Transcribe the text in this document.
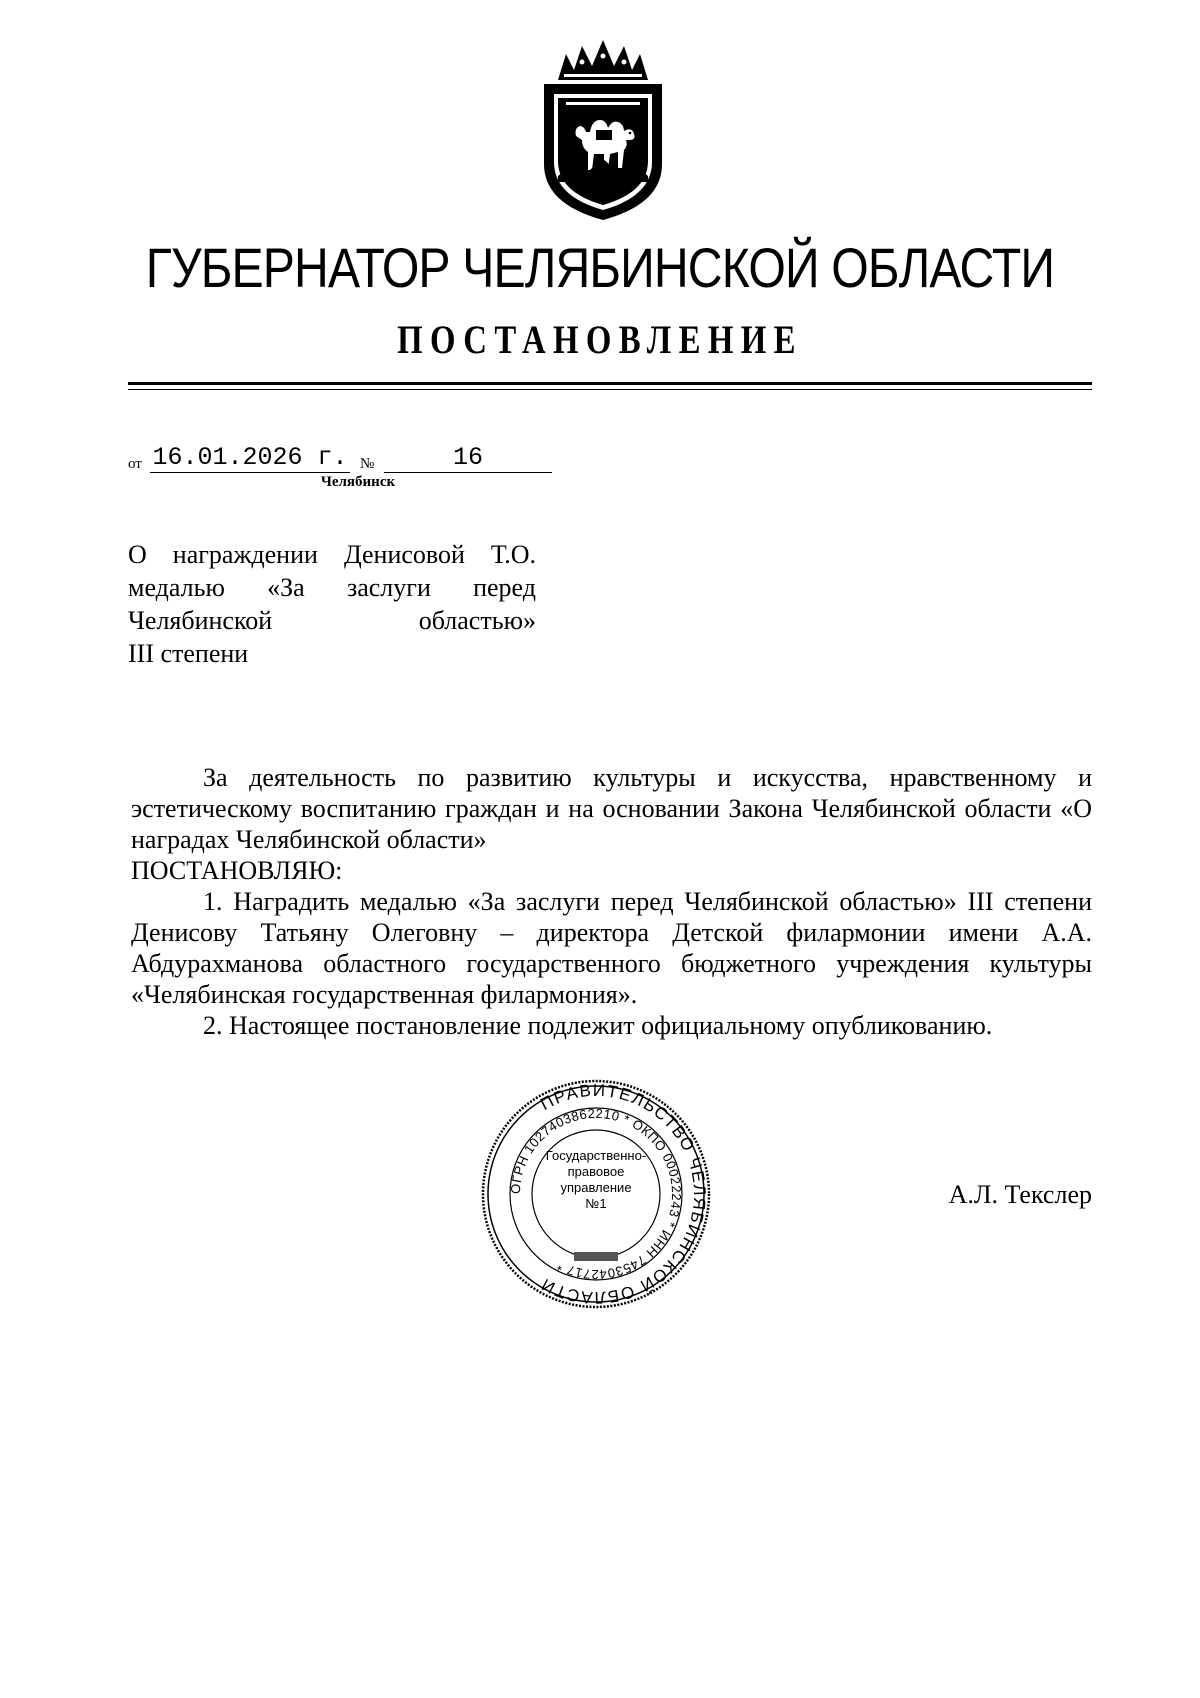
ГУБЕРНАТОР ЧЕЛЯБИНСКОЙ ОБЛАСТИ
ПОСТАНОВЛЕНИЕ
от 16.01.2026 г. №	16
Челябинск
О награждении Денисовой Т.О.
медалью «За заслуги перед
Челябинской областью»
III степени

За деятельность по развитию культуры и искусства, нравственному и эстетическому воспитанию граждан и на основании Закона Челябинской области «О наградах Челябинской области»

ПОСТАНОВЛЯЮ:

1. Наградить медалью «За заслуги перед Челябинской областью» III степени Денисову Татьяну Олеговну – директора Детской филармонии имени А.А. Абдурахманова областного государственного бюджетного учреждения культуры «Челябинская государственная филармония».

2. Настоящее постановление подлежит официальному опубликованию.

ПРАВИТЕЛЬСТВО ЧЕЛЯБИНСКОЙ ОБЛАСТИ
ОГРН 1027403862210 * ОКПО 00022243 * ИНН 7453042717 *
Государственно-
правовое
управление
№1	А.Л. Текслер
